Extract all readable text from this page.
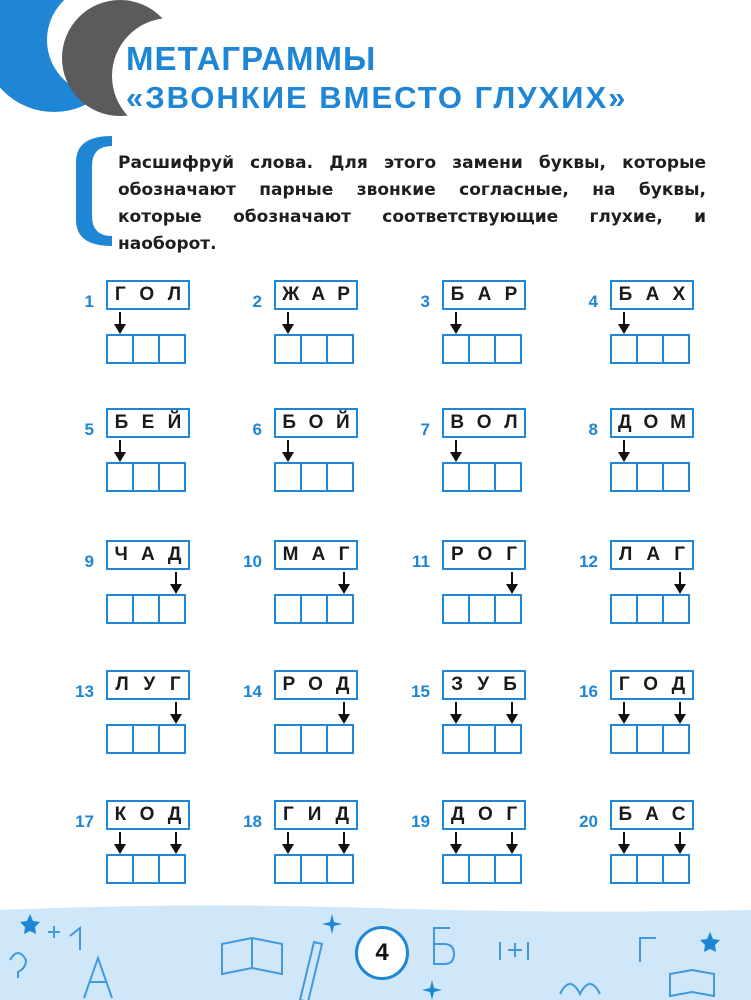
МЕТАГРАММЫ
«ЗВОНКИЕ ВМЕСТО ГЛУХИХ»
Расшифруй слова. Для этого замени буквы, которые обозначают парные звонкие согласные, на буквы, которые обозначают соответствующие глухие, и наоборот.
1 Г О Л	2 Ж А Р	3 Б А Р	4 Б А Х
5 Б Е Й	6 Б О Й	7 В О Л	8 Д О М
9 Ч А Д	10 М А Г	11 Р О Г	12 Л А Г
13 Л У Г	14 Р О Д	15 З У Б	16 Г О Д
17 К О Д	18 Г И Д	19 Д О Г	20 Б А С
4
